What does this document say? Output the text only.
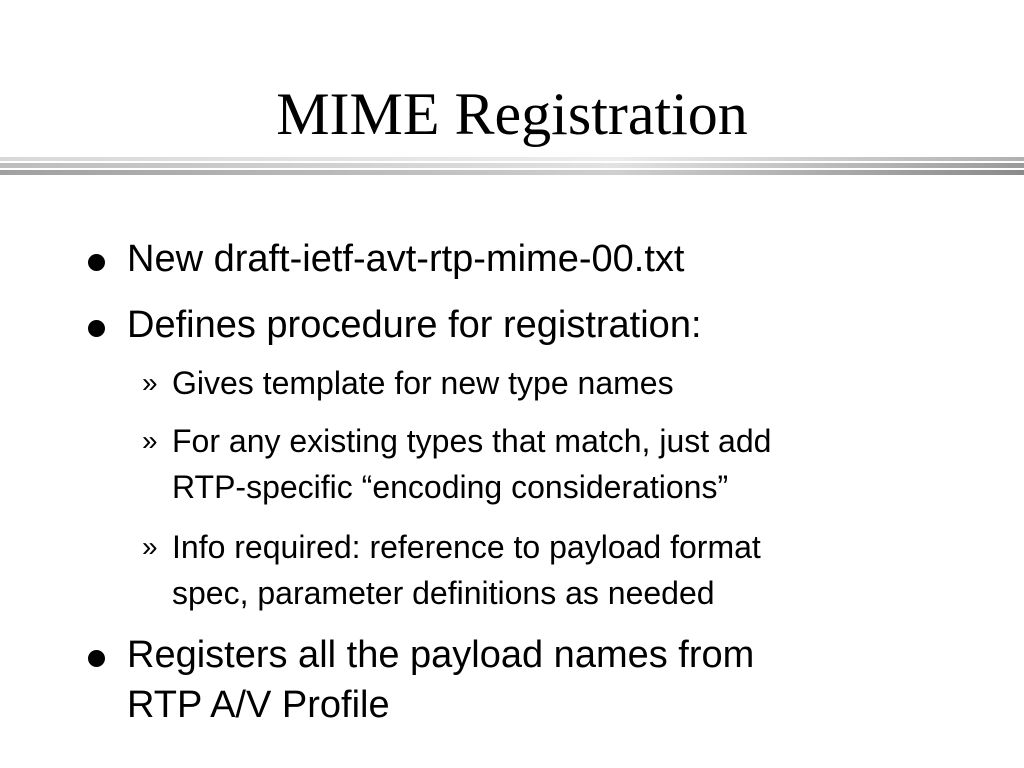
MIME Registration
New draft-ietf-avt-rtp-mime-00.txt
Defines procedure for registration:
» Gives template for new type names
» For any existing types that match, just add
RTP-specific “encoding considerations”
» Info required: reference to payload format
spec, parameter definitions as needed
Registers all the payload names from
RTP A/V Profile
